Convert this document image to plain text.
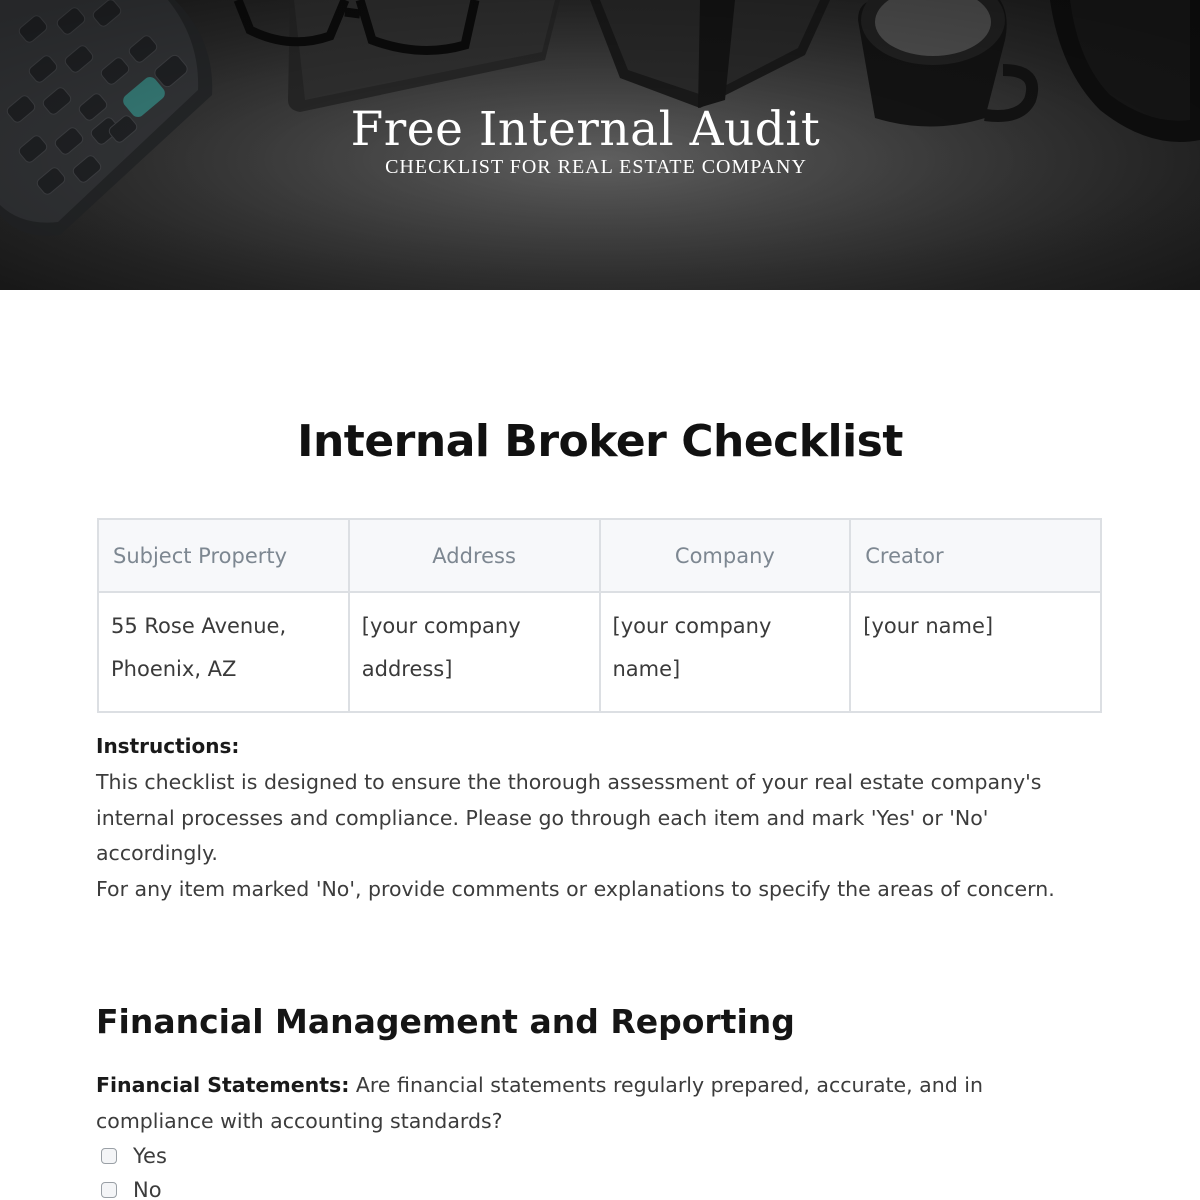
Free Internal Audit
CHECKLIST FOR REAL ESTATE COMPANY
Internal Broker Checklist
Subject Property	Address	Company	Creator
55 Rose Avenue, Phoenix, AZ	[your company address]	[your company name]	[your name]
Instructions:

This checklist is designed to ensure the thorough assessment of your real estate company's internal processes and compliance. Please go through each item and mark 'Yes' or 'No' accordingly.

For any item marked 'No', provide comments or explanations to specify the areas of concern.

Financial Management and Reporting
Financial Statements: Are financial statements regularly prepared, accurate, and in compliance with accounting standards?
Yes
No
